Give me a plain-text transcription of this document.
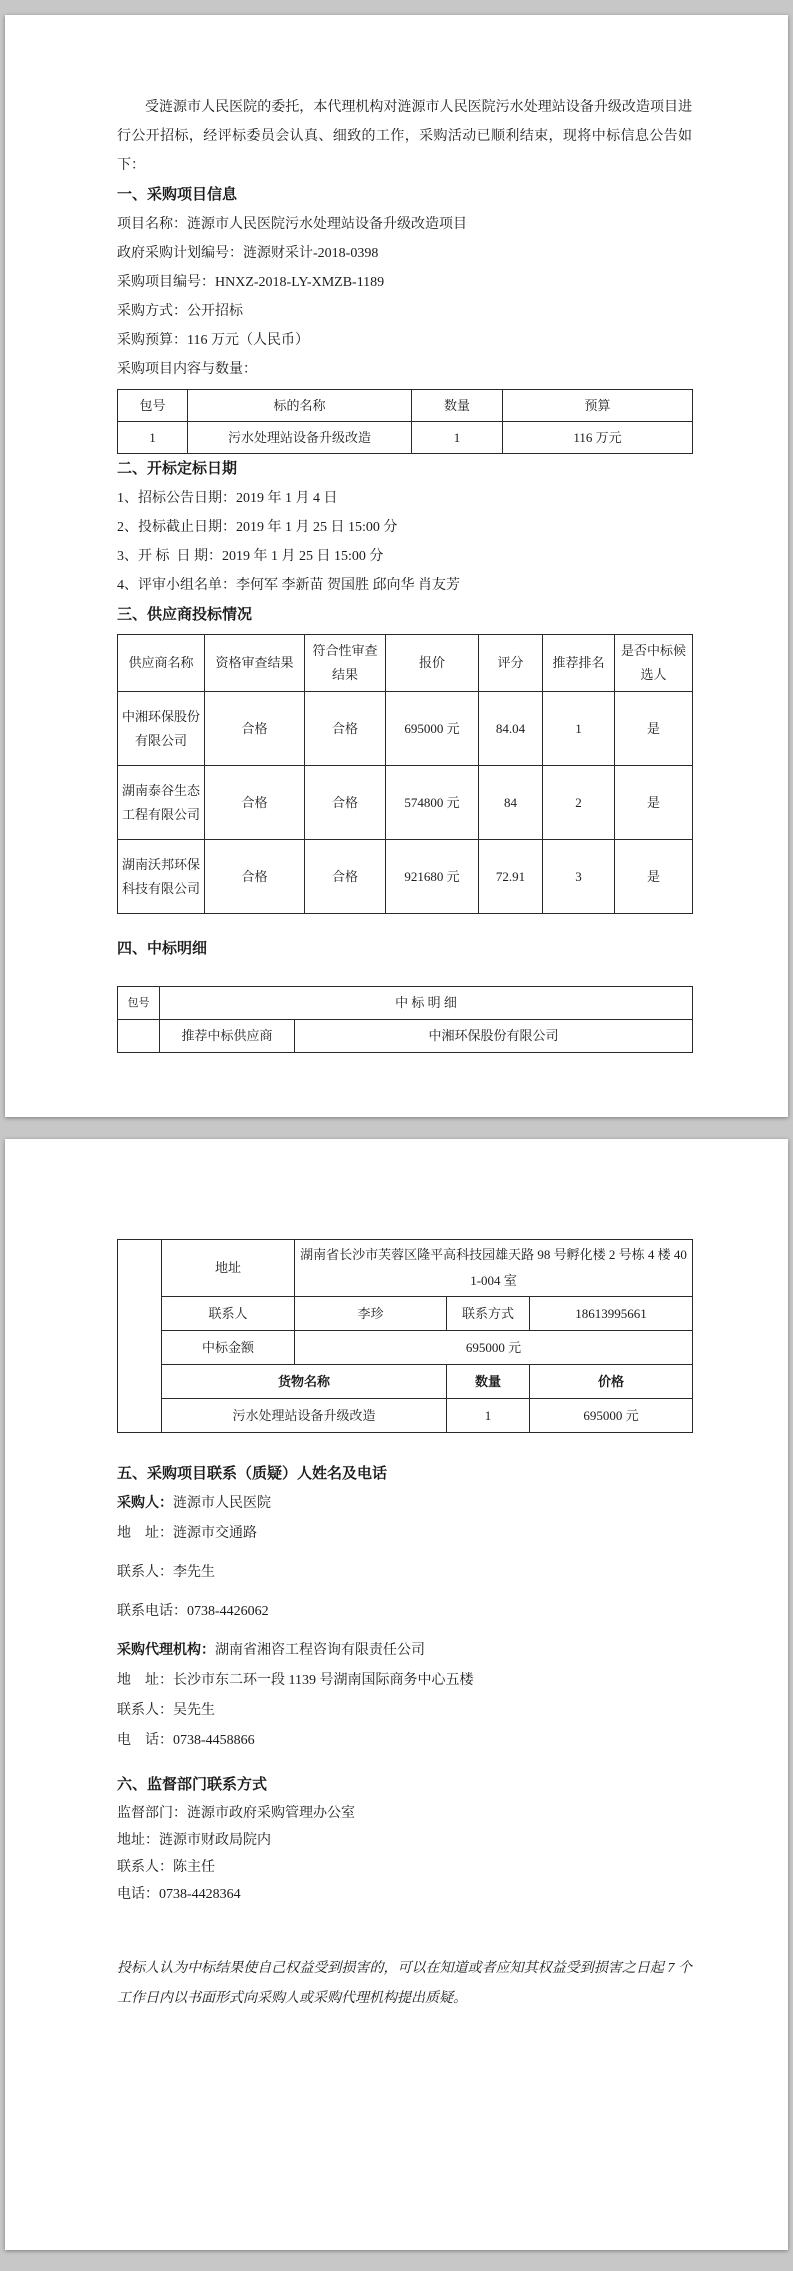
受涟源市人民医院的委托，本代理机构对涟源市人民医院污水处理站设备升级改造项目进行公开招标，经评标委员会认真、细致的工作，采购活动已顺利结束，现将中标信息公告如下：

一、采购项目信息

项目名称：涟源市人民医院污水处理站设备升级改造项目

政府采购计划编号：涟源财采计-2018-0398

采购项目编号：HNXZ-2018-LY-XMZB-1189

采购方式：公开招标

采购预算：116 万元（人民币）

采购项目内容与数量：

包号	标的名称	数量	预算
1	污水处理站设备升级改造	1	116 万元
二、开标定标日期

1、招标公告日期：2019 年 1 月 4 日

2、投标截止日期：2019 年 1 月 25 日 15:00 分

3、开 标  日 期：2019 年 1 月 25 日 15:00 分

4、评审小组名单：李何军 李新苗 贺国胜 邱向华 肖友芳

三、供应商投标情况
供应商名称	资格审查结果	符合性审查结果	报价	评分	推荐排名	是否中标候选人
中湘环保股份有限公司	合格	合格	695000 元	84.04	1	是
湖南泰谷生态工程有限公司	合格	合格	574800 元	84	2	是
湖南沃邦环保科技有限公司	合格	合格	921680 元	72.91	3	是
四、中标明细
包号	中 标 明 细	
	推荐中标供应商	中湘环保股份有限公司
	地址	湖南省长沙市芙蓉区隆平高科技园雄天路 98 号孵化楼 2 号栋 4 楼 401-004 室		
	联系人	李珍	联系方式	18613995661
	中标金额	695000 元		
	货物名称		数量	价格
	污水处理站设备升级改造		1	695000 元
五、采购项目联系（质疑）人姓名及电话

采购人：涟源市人民医院

地　址：涟源市交通路

联系人：李先生

联系电话：0738-4426062

采购代理机构：湖南省湘咨工程咨询有限责任公司

地　址：长沙市东二环一段 1139 号湖南国际商务中心五楼

联系人：吴先生

电　话：0738-4458866

六、监督部门联系方式

监督部门：涟源市政府采购管理办公室

地址：涟源市财政局院内

联系人：陈主任

电话：0738-4428364

投标人认为中标结果使自己权益受到损害的，可以在知道或者应知其权益受到损害之日起 7 个工作日内以书面形式向采购人或采购代理机构提出质疑。
